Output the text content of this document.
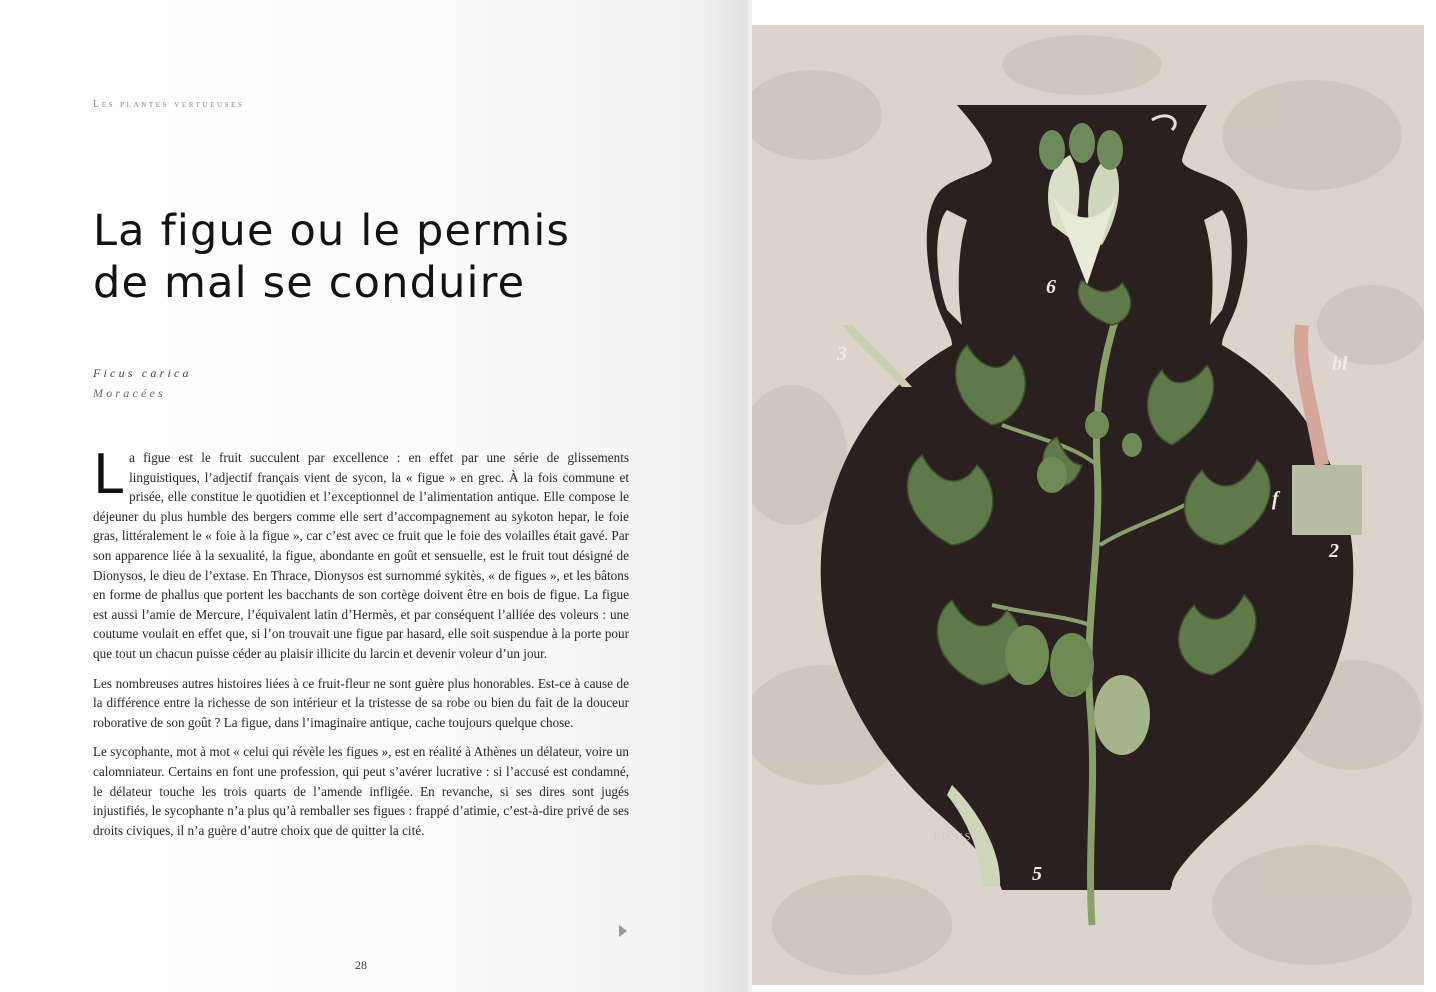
Les plantes vertueuses
La figue ou le permis
de mal se conduire
Ficus carica
Moracées

La figue est le fruit succulent par excellence : en effet par une série de glissements linguistiques, l’adjectif français vient de sycon, la « figue » en grec. À la fois commune et prisée, elle constitue le quotidien et l’exceptionnel de l’alimentation antique. Elle compose le déjeuner du plus humble des bergers comme elle sert d’accompagnement au sykoton hepar, le foie gras, littéralement le « foie à la figue », car c’est avec ce fruit que le foie des volailles était gavé. Par son apparence liée à la sexualité, la figue, abondante en goût et sensuelle, est le fruit tout désigné de Dionysos, le dieu de l’extase. En Thrace, Dionysos est surnommé sykitès, « de figues », et les bâtons en forme de phallus que portent les bacchants de son cortège doivent être en bois de figue. La figue est aussi l’amie de Mercure, l’équivalent latin d’Hermès, et par conséquent l’alliée des voleurs : une coutume voulait en effet que, si l’on trouvait une figue par hasard, elle soit suspendue à la porte pour que tout un chacun puisse céder au plaisir illicite du larcin et devenir voleur d’un jour.

Les nombreuses autres histoires liées à ce fruit-fleur ne sont guère plus honorables. Est-ce à cause de la différence entre la richesse de son intérieur et la tristesse de sa robe ou bien du fait de la douceur roborative de son goût ? La figue, dans l’imaginaire antique, cache toujours quelque chose.

Le sycophante, mot à mot « celui qui révèle les figues », est en réalité à Athènes un délateur, voire un calomniateur. Certains en font une profession, qui peut s’avérer lucrative : si l’accusé est condamné, le délateur touche les trois quarts de l’amende infligée. En revanche, si ses dires sont jugés injustifiés, le sycophante n’a plus qu’à remballer ses figues : frappé d’atimie, c’est-à-dire privé de ses droits civiques, il n’a guère d’autre choix que de quitter la cité.

28
6
3	bl
f
2
5
FICUS.
